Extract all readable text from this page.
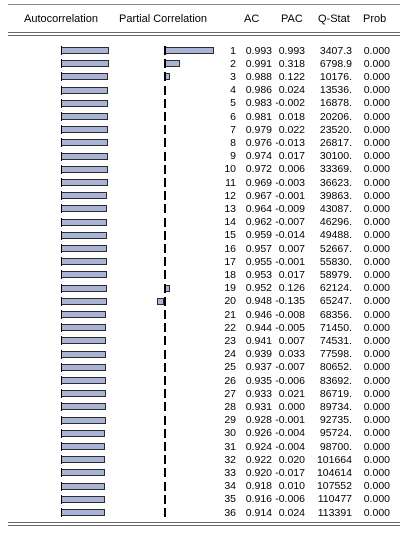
Autocorrelation Partial Correlation	AC PAC Q-Stat Prob
1 0.993 0.993 3407.3 0.000
2 0.991 0.318 6798.9 0.000
3 0.988 0.122 10176. 0.000
4 0.986 0.024 13536. 0.000
5 0.983 -0.002 16878. 0.000
6 0.981 0.018 20206. 0.000
7 0.979 0.022 23520. 0.000
8 0.976 -0.013 26817. 0.000
9 0.974 0.017 30100. 0.000
10 0.972 0.006 33369. 0.000
11 0.969 -0.003 36623. 0.000
12 0.967 -0.001 39863. 0.000
13 0.964 -0.009 43087. 0.000
14 0.962 -0.007 46296. 0.000
15 0.959 -0.014 49488. 0.000
16 0.957 0.007 52667. 0.000
17 0.955 -0.001 55830. 0.000
18 0.953 0.017 58979. 0.000
19 0.952 0.126 62124. 0.000
20 0.948 -0.135 65247. 0.000
21 0.946 -0.008 68356. 0.000
22 0.944 -0.005 71450. 0.000
23 0.941 0.007 74531. 0.000
24 0.939 0.033 77598. 0.000
25 0.937 -0.007 80652. 0.000
26 0.935 -0.006 83692. 0.000
27 0.933 0.021 86719. 0.000
28 0.931 0.000 89734. 0.000
29 0.928 -0.001 92735. 0.000
30 0.926 -0.004 95724. 0.000
31 0.924 -0.004 98700. 0.000
32 0.922 0.020 101664 0.000
33 0.920 -0.017 104614 0.000
34 0.918 0.010 107552 0.000
35 0.916 -0.006 110477 0.000
36 0.914 0.024 113391 0.000
